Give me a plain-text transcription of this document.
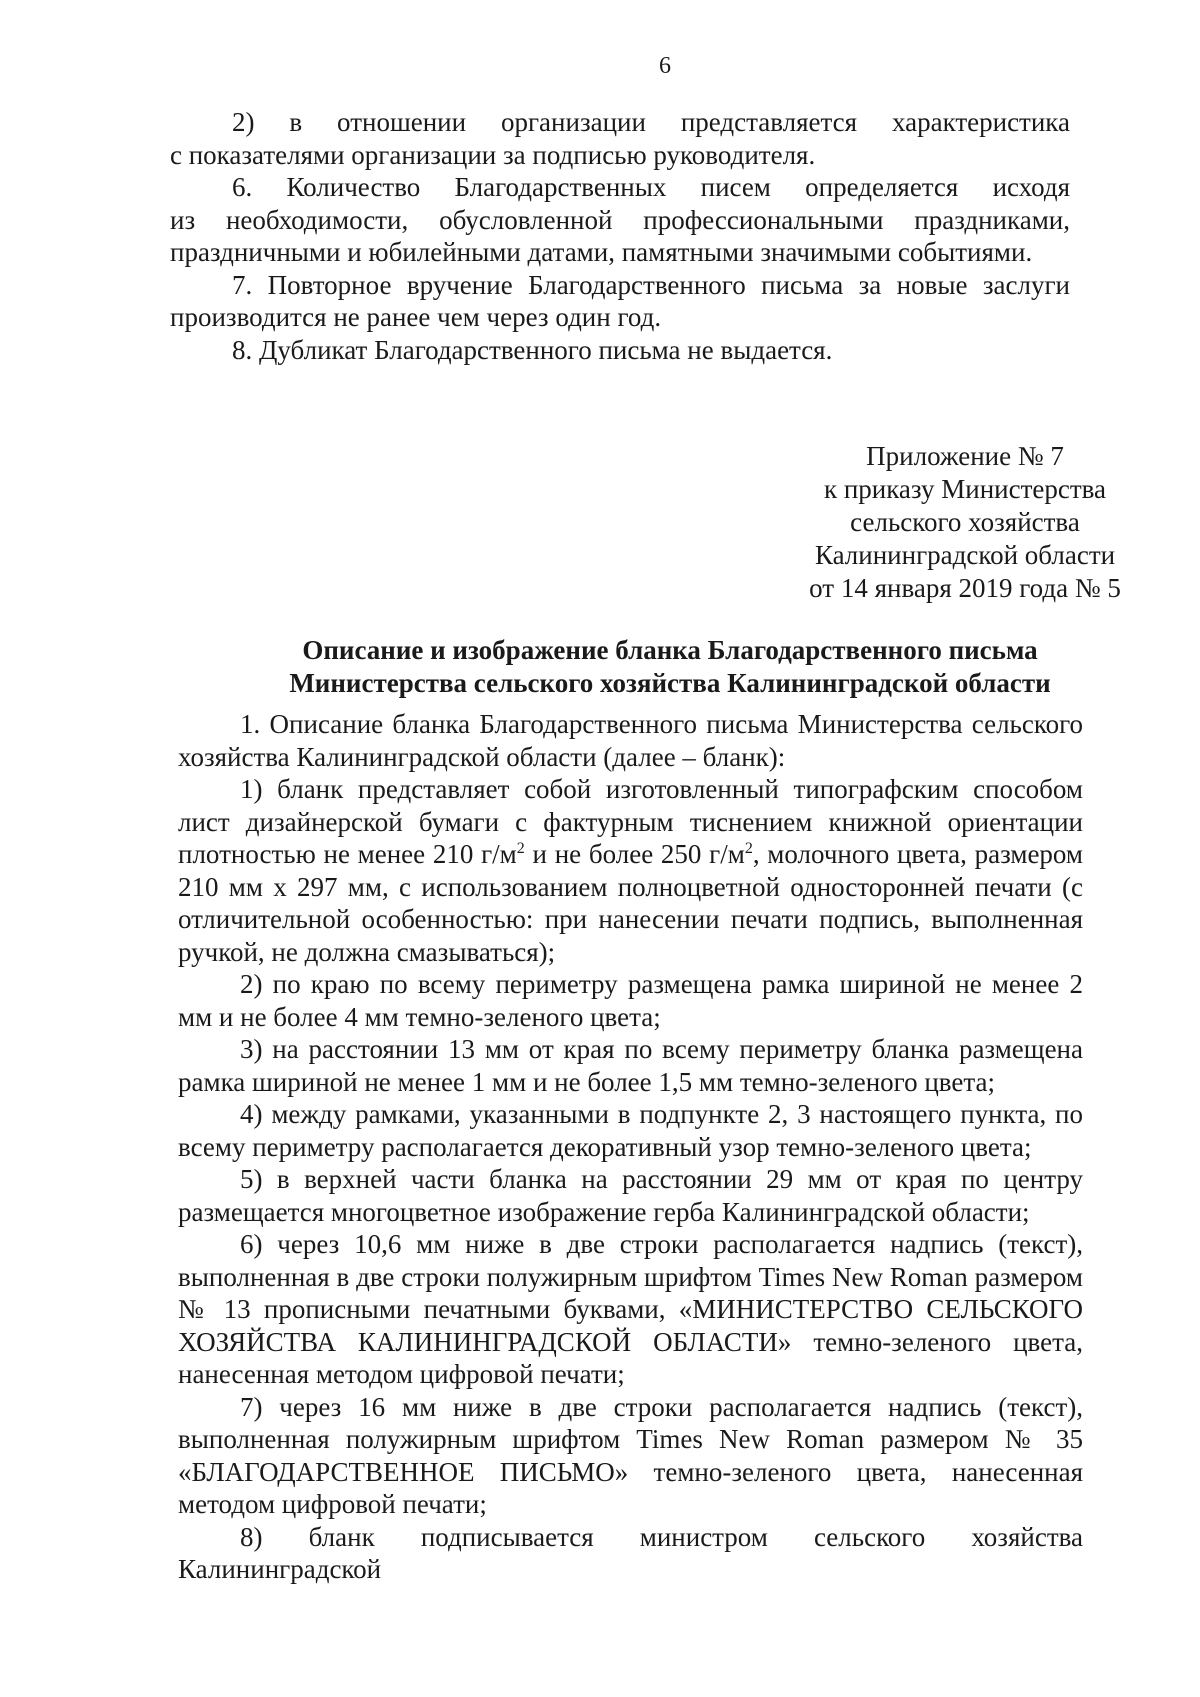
6
2) в отношении организации представляется характеристика
с показателями организации за подписью руководителя.
6. Количество Благодарственных писем определяется исходя
из необходимости, обусловленной профессиональными праздниками,
праздничными и юбилейными датами, памятными значимыми событиями.
7. Повторное вручение Благодарственного письма за новые заслуги
производится не ранее чем через один год.
8. Дубликат Благодарственного письма не выдается.
Приложение № 7
к приказу Министерства
сельского хозяйства
Калининградской области
от 14 января 2019 года № 5
Описание и изображение бланка Благодарственного письма
Министерства сельского хозяйства Калининградской области
1. Описание бланка Благодарственного письма Министерства сельского хозяйства Калининградской области (далее – бланк):
1) бланк представляет собой изготовленный типографским способом лист дизайнерской бумаги с фактурным тиснением книжной ориентации плотностью не менее 210 $г/м^2$ и не более 250 $г/м^2$, молочного цвета, размером 210 мм х 297 мм, с использованием полноцветной односторонней печати (с отличительной особенностью: при нанесении печати подпись, выполненная ручкой, не должна смазываться);
2) по краю по всему периметру размещена рамка шириной не менее 2 мм и не более 4 мм темно-зеленого цвета;
3) на расстоянии 13 мм от края по всему периметру бланка размещена рамка шириной не менее 1 мм и не более 1,5 мм темно-зеленого цвета;
4) между рамками, указанными в подпункте 2, 3 настоящего пункта, по всему периметру располагается декоративный узор темно-зеленого цвета;
5) в верхней части бланка на расстоянии 29 мм от края по центру размещается многоцветное изображение герба Калининградской области;
6) через 10,6 мм ниже в две строки располагается надпись (текст), выполненная в две строки полужирным шрифтом Times New Roman размером № 13 прописными печатными буквами, «МИНИСТЕРСТВО СЕЛЬСКОГО ХОЗЯЙСТВА КАЛИНИНГРАДСКОЙ ОБЛАСТИ» темно-зеленого цвета, нанесенная методом цифровой печати;
7) через 16 мм ниже в две строки располагается надпись (текст), выполненная полужирным шрифтом Times New Roman размером № 35 «БЛАГОДАРСТВЕННОЕ ПИСЬМО» темно-зеленого цвета, нанесенная методом цифровой печати;
8) бланк подписывается министром сельского хозяйства Калининградской
